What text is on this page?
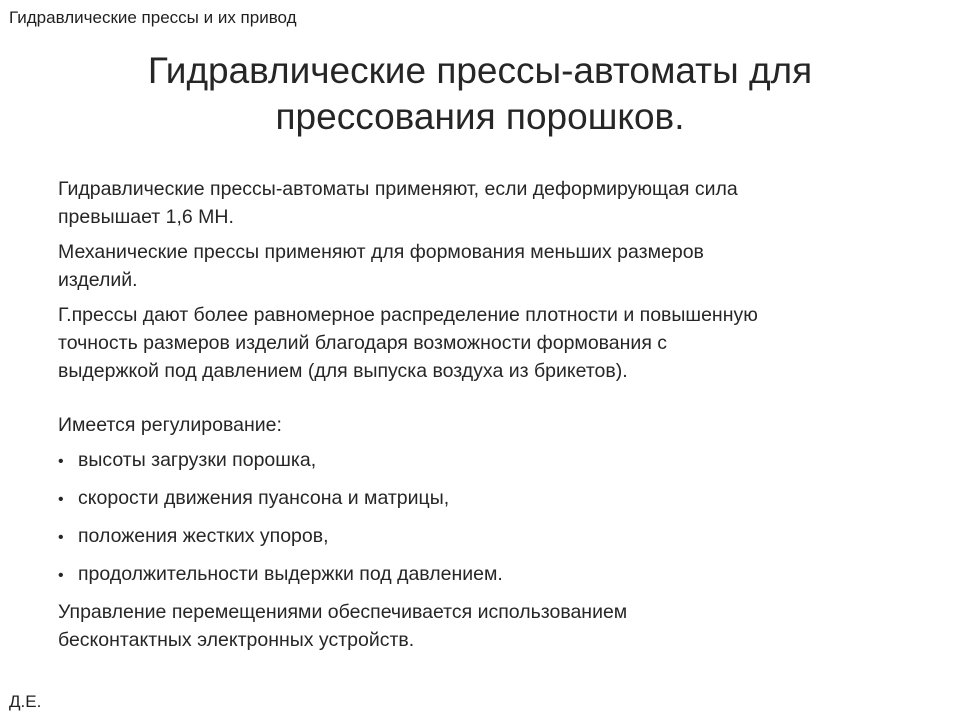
Гидравлические прессы и их привод
Гидравлические прессы-автоматы для прессования порошков.

Гидравлические прессы-автоматы применяют, если деформирующая сила превышает 1,6 МН.

Механические прессы применяют для формования меньших размеров изделий.

Г.прессы дают более равномерное распределение плотности и повышенную точность размеров изделий благодаря возможности формования с выдержкой под давлением (для выпуска воздуха из брикетов).

Имеется регулирование:

• высоты загрузки порошка,
• скорости движения пуансона и матрицы,
• положения жестких упоров,
• продолжительности выдержки под давлением.

Управление перемещениями обеспечивается использованием бесконтактных электронных устройств.

Д.Е.
